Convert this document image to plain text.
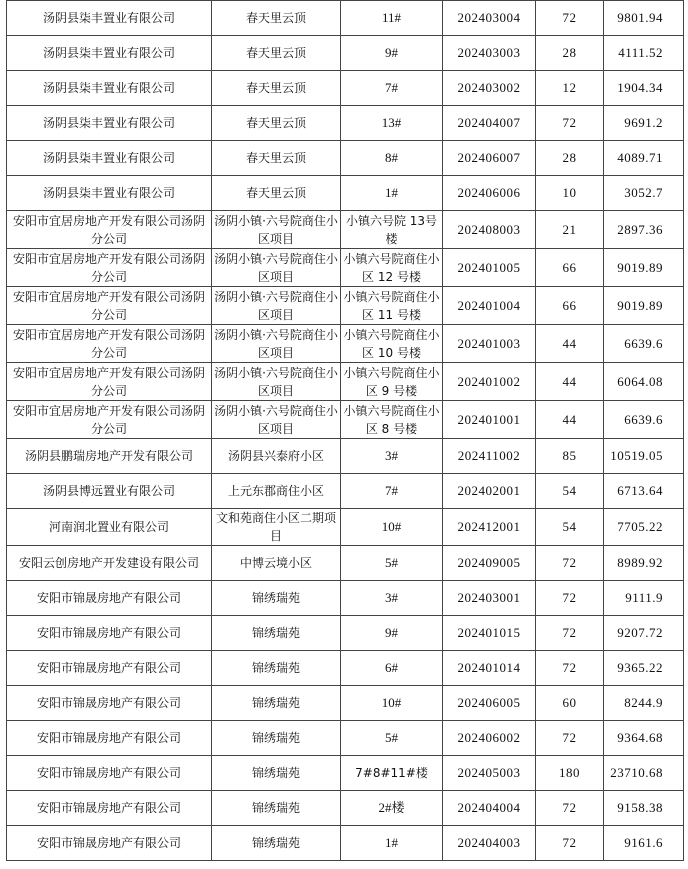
汤阴县柒丰置业有限公司	春天里云顶	11#	202403004	72	9801.94
汤阴县柒丰置业有限公司	春天里云顶	9#	202403003	28	4111.52
汤阴县柒丰置业有限公司	春天里云顶	7#	202403002	12	1904.34
汤阴县柒丰置业有限公司	春天里云顶	13#	202404007	72	9691.2
汤阴县柒丰置业有限公司	春天里云顶	8#	202406007	28	4089.71
汤阴县柒丰置业有限公司	春天里云顶	1#	202406006	10	3052.7
安阳市宜居房地产开发有限公司汤阴分公司	汤阴小镇·六号院商住小区项目	小镇六号院 13号楼	202408003	21	2897.36
安阳市宜居房地产开发有限公司汤阴分公司	汤阴小镇·六号院商住小区项目	小镇六号院商住小区 12 号楼	202401005	66	9019.89
安阳市宜居房地产开发有限公司汤阴分公司	汤阴小镇·六号院商住小区项目	小镇六号院商住小区 11 号楼	202401004	66	9019.89
安阳市宜居房地产开发有限公司汤阴分公司	汤阴小镇·六号院商住小区项目	小镇六号院商住小区 10 号楼	202401003	44	6639.6
安阳市宜居房地产开发有限公司汤阴分公司	汤阴小镇·六号院商住小区项目	小镇六号院商住小区 9 号楼	202401002	44	6064.08
安阳市宜居房地产开发有限公司汤阴分公司	汤阴小镇·六号院商住小区项目	小镇六号院商住小区 8 号楼	202401001	44	6639.6
汤阴县鹏瑞房地产开发有限公司	汤阴县兴泰府小区	3#	202411002	85	10519.05
汤阴县博远置业有限公司	上元东郡商住小区	7#	202402001	54	6713.64
河南润北置业有限公司	文和苑商住小区二期项目	10#	202412001	54	7705.22
安阳云创房地产开发建设有限公司	中博云境小区	5#	202409005	72	8989.92
安阳市锦晟房地产有限公司	锦绣瑞苑	3#	202403001	72	9111.9
安阳市锦晟房地产有限公司	锦绣瑞苑	9#	202401015	72	9207.72
安阳市锦晟房地产有限公司	锦绣瑞苑	6#	202401014	72	9365.22
安阳市锦晟房地产有限公司	锦绣瑞苑	10#	202406005	60	8244.9
安阳市锦晟房地产有限公司	锦绣瑞苑	5#	202406002	72	9364.68
安阳市锦晟房地产有限公司	锦绣瑞苑	7#8#11#楼	202405003	180	23710.68
安阳市锦晟房地产有限公司	锦绣瑞苑	2#楼	202404004	72	9158.38
安阳市锦晟房地产有限公司	锦绣瑞苑	1#	202404003	72	9161.6
